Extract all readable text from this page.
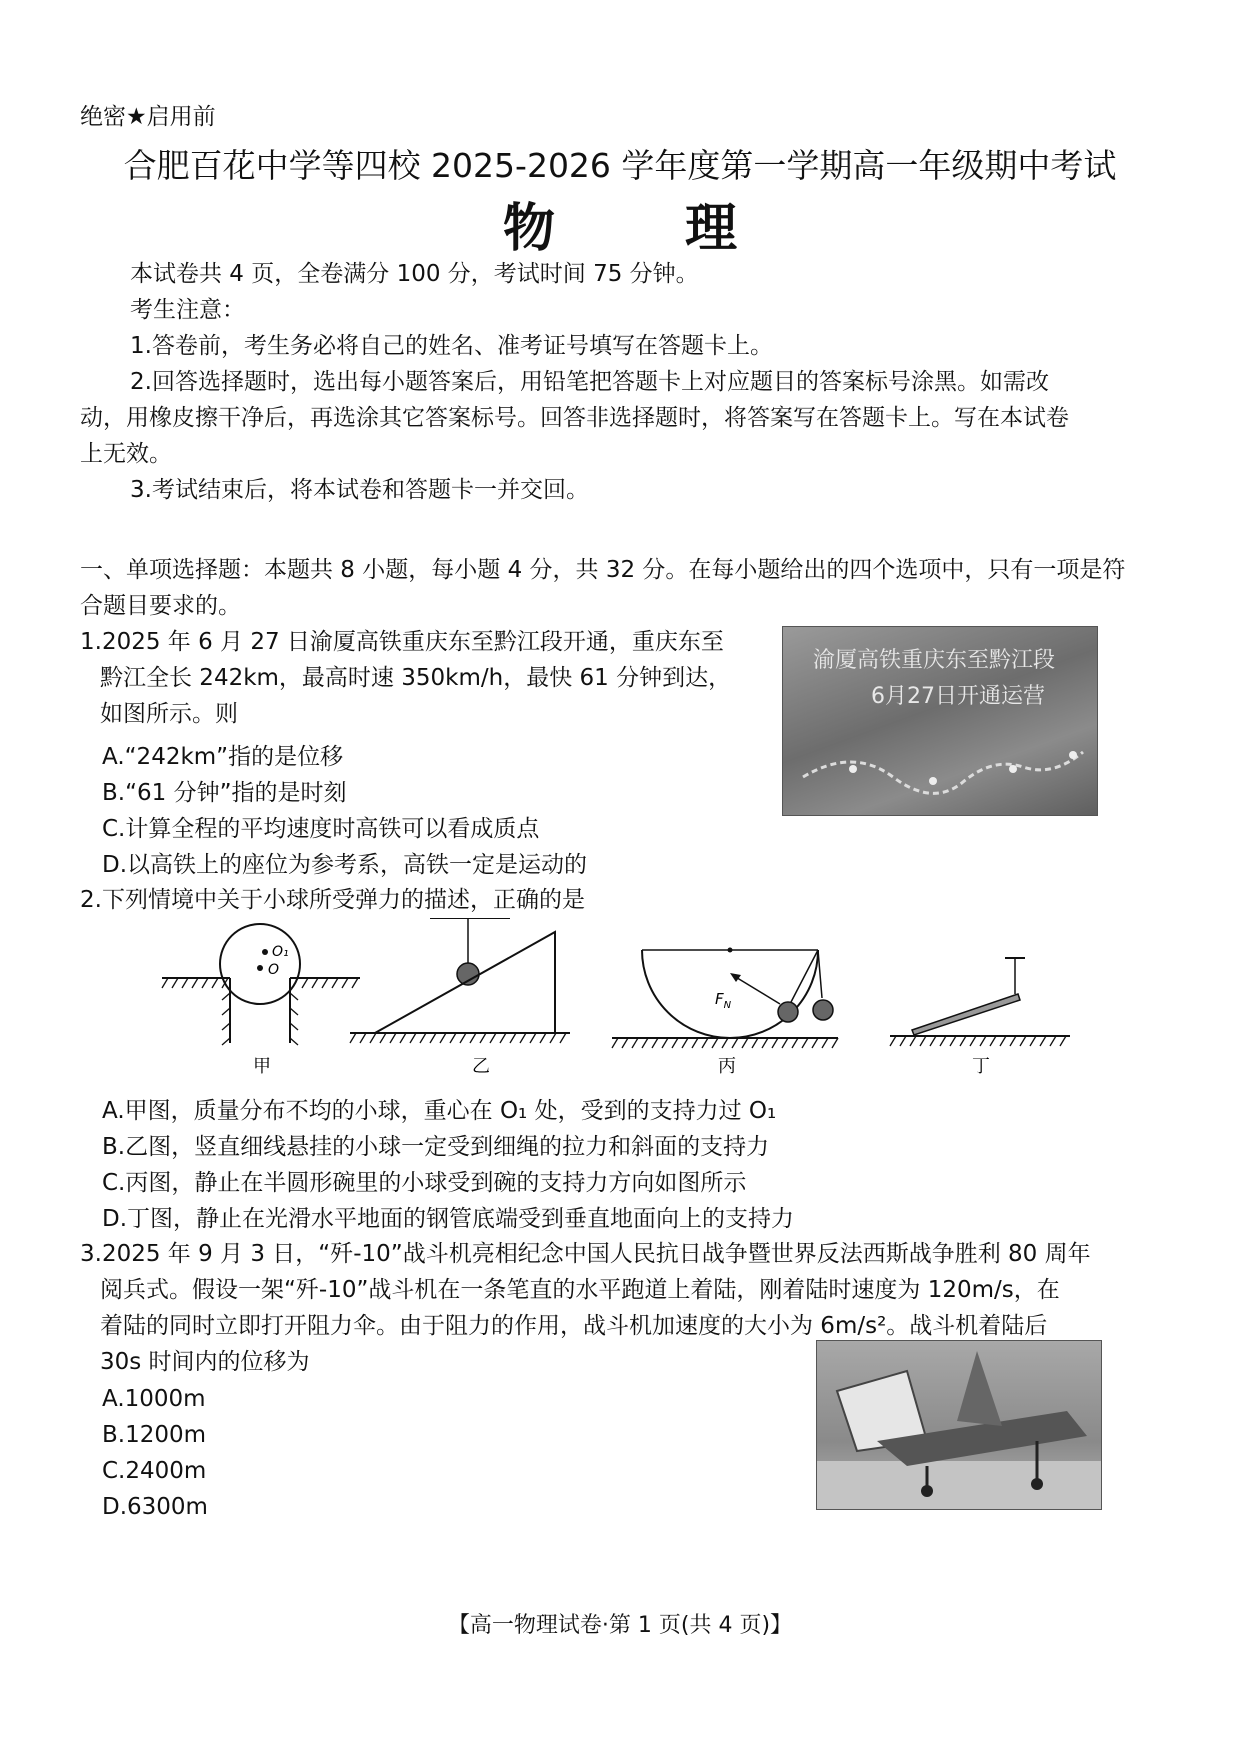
绝密★启用前
合肥百花中学等四校 2025-2026 学年度第一学期高一年级期中考试
物 理
本试卷共 4 页，全卷满分 100 分，考试时间 75 分钟。
考生注意：
1.答卷前，考生务必将自己的姓名、准考证号填写在答题卡上。
2.回答选择题时，选出每小题答案后，用铅笔把答题卡上对应题目的答案标号涂黑。如需改
动，用橡皮擦干净后，再选涂其它答案标号。回答非选择题时，将答案写在答题卡上。写在本试卷
上无效。
3.考试结束后，将本试卷和答题卡一并交回。
一、单项选择题：本题共 8 小题，每小题 4 分，共 32 分。在每小题给出的四个选项中，只有一项是符
合题目要求的。
1.2025 年 6 月 27 日渝厦高铁重庆东至黔江段开通，重庆东至
黔江全长 242km，最高时速 350km/h，最快 61 分钟到达，
如图所示。则
A.“242km”指的是位移
B.“61 分钟”指的是时刻
C.计算全程的平均速度时高铁可以看成质点
D.以高铁上的座位为参考系，高铁一定是运动的
渝厦高铁重庆东至黔江段
6月27日开通运营
2.下列情境中关于小球所受弹力的描述，正确的是
O₁
O
甲	乙
$F_N$
丙	丁
A.甲图，质量分布不均的小球，重心在 O₁ 处，受到的支持力过 O₁
B.乙图，竖直细线悬挂的小球一定受到细绳的拉力和斜面的支持力
C.丙图，静止在半圆形碗里的小球受到碗的支持力方向如图所示
D.丁图，静止在光滑水平地面的钢管底端受到垂直地面向上的支持力
3.2025 年 9 月 3 日，“歼-10”战斗机亮相纪念中国人民抗日战争暨世界反法西斯战争胜利 80 周年
阅兵式。假设一架“歼-10”战斗机在一条笔直的水平跑道上着陆，刚着陆时速度为 120m/s，在
着陆的同时立即打开阻力伞。由于阻力的作用，战斗机加速度的大小为 6m/s²。战斗机着陆后
30s 时间内的位移为
A.1000m
B.1200m
C.2400m
D.6300m
【高一物理试卷·第 1 页(共 4 页)】
